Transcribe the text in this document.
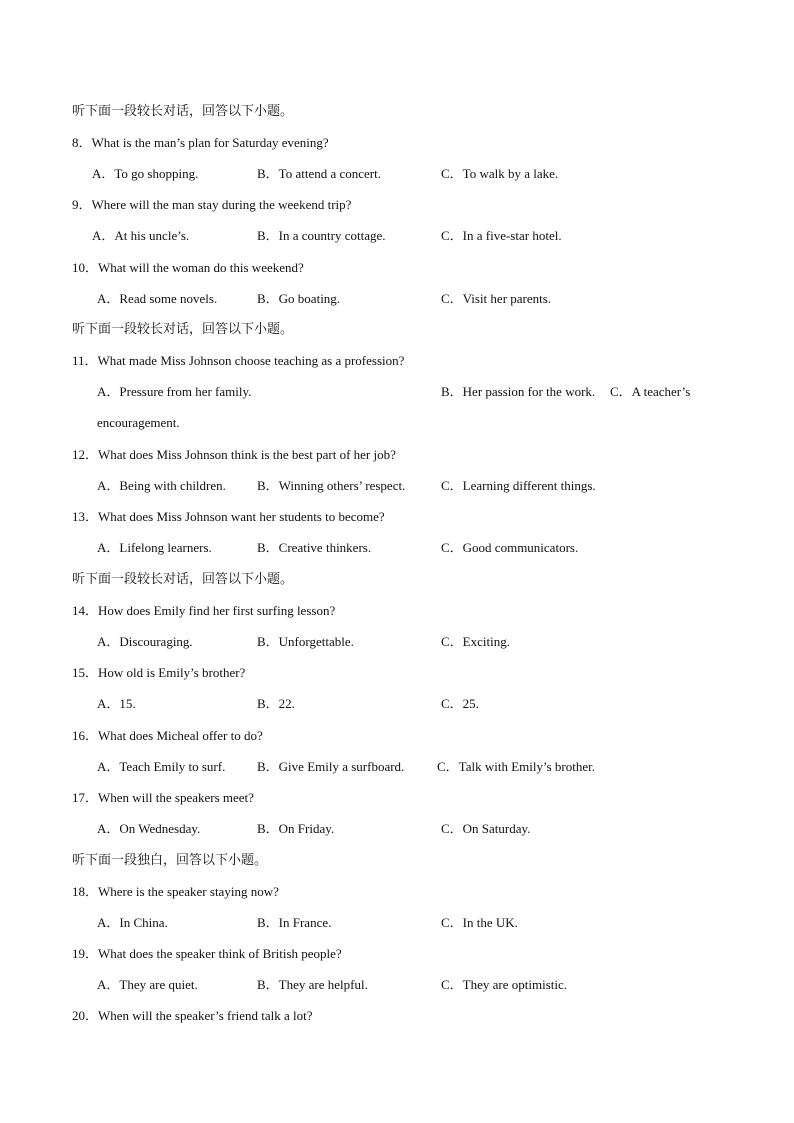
听下面一段较长对话，回答以下小题。
8．What is the man’s plan for Saturday evening?
A．To go shopping.	B．To attend a concert.	C．To walk by a lake.
9．Where will the man stay during the weekend trip?
A．At his uncle’s.	B．In a country cottage.	C．In a five-star hotel.
10．What will the woman do this weekend?
A．Read some novels.	B．Go boating.	C．Visit her parents.
听下面一段较长对话，回答以下小题。
11．What made Miss Johnson choose teaching as a profession?
A．Pressure from her family.	B．Her passion for the work. C．A teacher’s
encouragement.
12．What does Miss Johnson think is the best part of her job?
A．Being with children. B．Winning others’ respect.	C．Learning different things.
13．What does Miss Johnson want her students to become?
A．Lifelong learners.	B．Creative thinkers.	C．Good communicators.
听下面一段较长对话，回答以下小题。
14．How does Emily find her first surfing lesson?
A．Discouraging.	B．Unforgettable.	C．Exciting.
15．How old is Emily’s brother?
A．15.	B．22.	C．25.
16．What does Micheal offer to do?
A．Teach Emily to surf. B．Give Emily a surfboard.	C．Talk with Emily’s brother.
17．When will the speakers meet?
A．On Wednesday.	B．On Friday.	C．On Saturday.
听下面一段独白，回答以下小题。
18．Where is the speaker staying now?
A．In China.	B．In France.	C．In the UK.
19．What does the speaker think of British people?
A．They are quiet.	B．They are helpful.	C．They are optimistic.
20．When will the speaker’s friend talk a lot?
